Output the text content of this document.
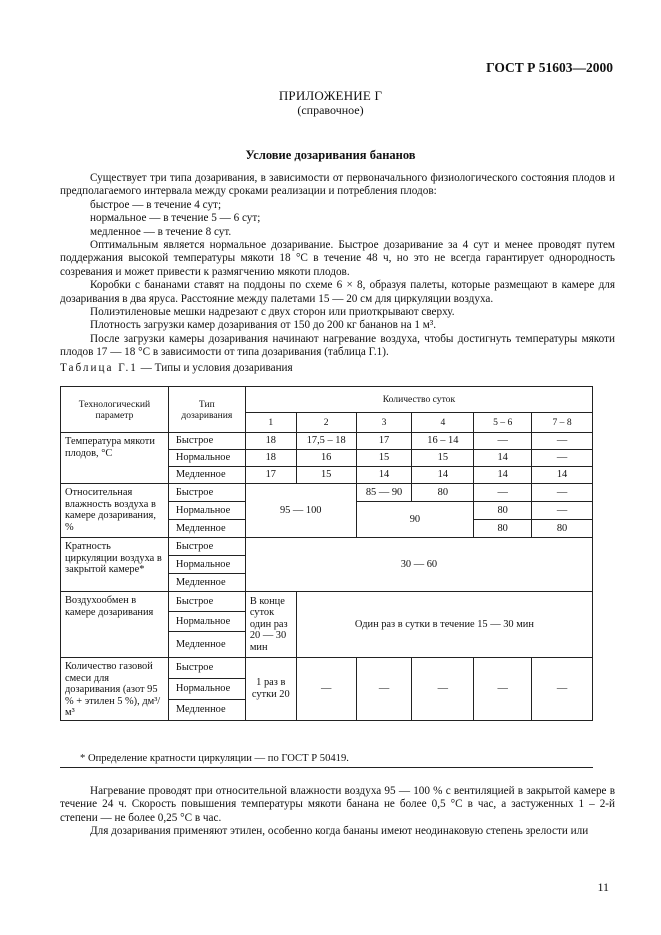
ГОСТ Р 51603—2000
ПРИЛОЖЕНИЕ Г
(справочное)
Условие дозаривания бананов

Существует три типа дозаривания, в зависимости от первоначального физиологического состояния плодов и предполагаемого интервала между сроками реализации и потребления плодов:

быстрое — в течение 4 сут;

нормальное — в течение 5 — 6 сут;

медленное — в течение 8 сут.

Оптимальным является нормальное дозаривание. Быстрое дозаривание за 4 сут и менее проводят путем поддержания высокой температуры мякоти 18 °С в течение 48 ч, но это не всегда гарантирует однородность созревания и может привести к размягчению мякоти плодов.

Коробки с бананами ставят на поддоны по схеме 6 × 8, образуя палеты, которые размещают в камере для дозаривания в два яруса. Расстояние между палетами 15 — 20 см для циркуляции воздуха.

Полиэтиленовые мешки надрезают с двух сторон или приоткрывают сверху.

Плотность загрузки камер дозаривания от 150 до 200 кг бананов на 1 м³.

После загрузки камеры дозаривания начинают нагревание воздуха, чтобы достигнуть температуры мякоти плодов 17 — 18 °С в зависимости от типа дозаривания (таблица Г.1).

Таблица Г.1 — Типы и условия дозаривания
Технологический параметр	Тип дозаривания	Количество суток					
		1	2	3	4	5 – 6	7 – 8
Температура мякоти плодов, °С	Быстрое	18	17,5 – 18	17	16 – 14	—	—
	Нормальное	18	16	15	15	14	—
	Медленное	17	15	14	14	14	14
Относительная влажность воздуха в камере дозаривания, %	Быстрое	95 — 100		85 — 90	80	—	—
	Нормальное			90		80	—
	Медленное					80	80
Кратность циркуляции воздуха в закрытой камере*	Быстрое	30 — 60					
	Нормальное						
	Медленное						
Воздухообмен в камере дозаривания	Быстрое	В конце суток один раз 20 — 30 мин	Один раз в сутки в течение 15 — 30 мин				
	Нормальное						
	Медленное						
Количество газовой смеси для дозаривания (азот 95 % + этилен 5 %), дм³/м³	Быстрое	1 раз в сутки 20	—	—	—	—	—
	Нормальное						
	Медленное						
* Определение кратности циркуляции — по ГОСТ Р 50419.

Нагревание проводят при относительной влажности воздуха 95 — 100 % с вентиляцией в закрытой камере в течение 24 ч. Скорость повышения температуры мякоти банана не более 0,5 °С в час, а застуженных 1 – 2-й степени — не более 0,25 °С в час.

Для дозаривания применяют этилен, особенно когда бананы имеют неодинаковую степень зрелости или

11
